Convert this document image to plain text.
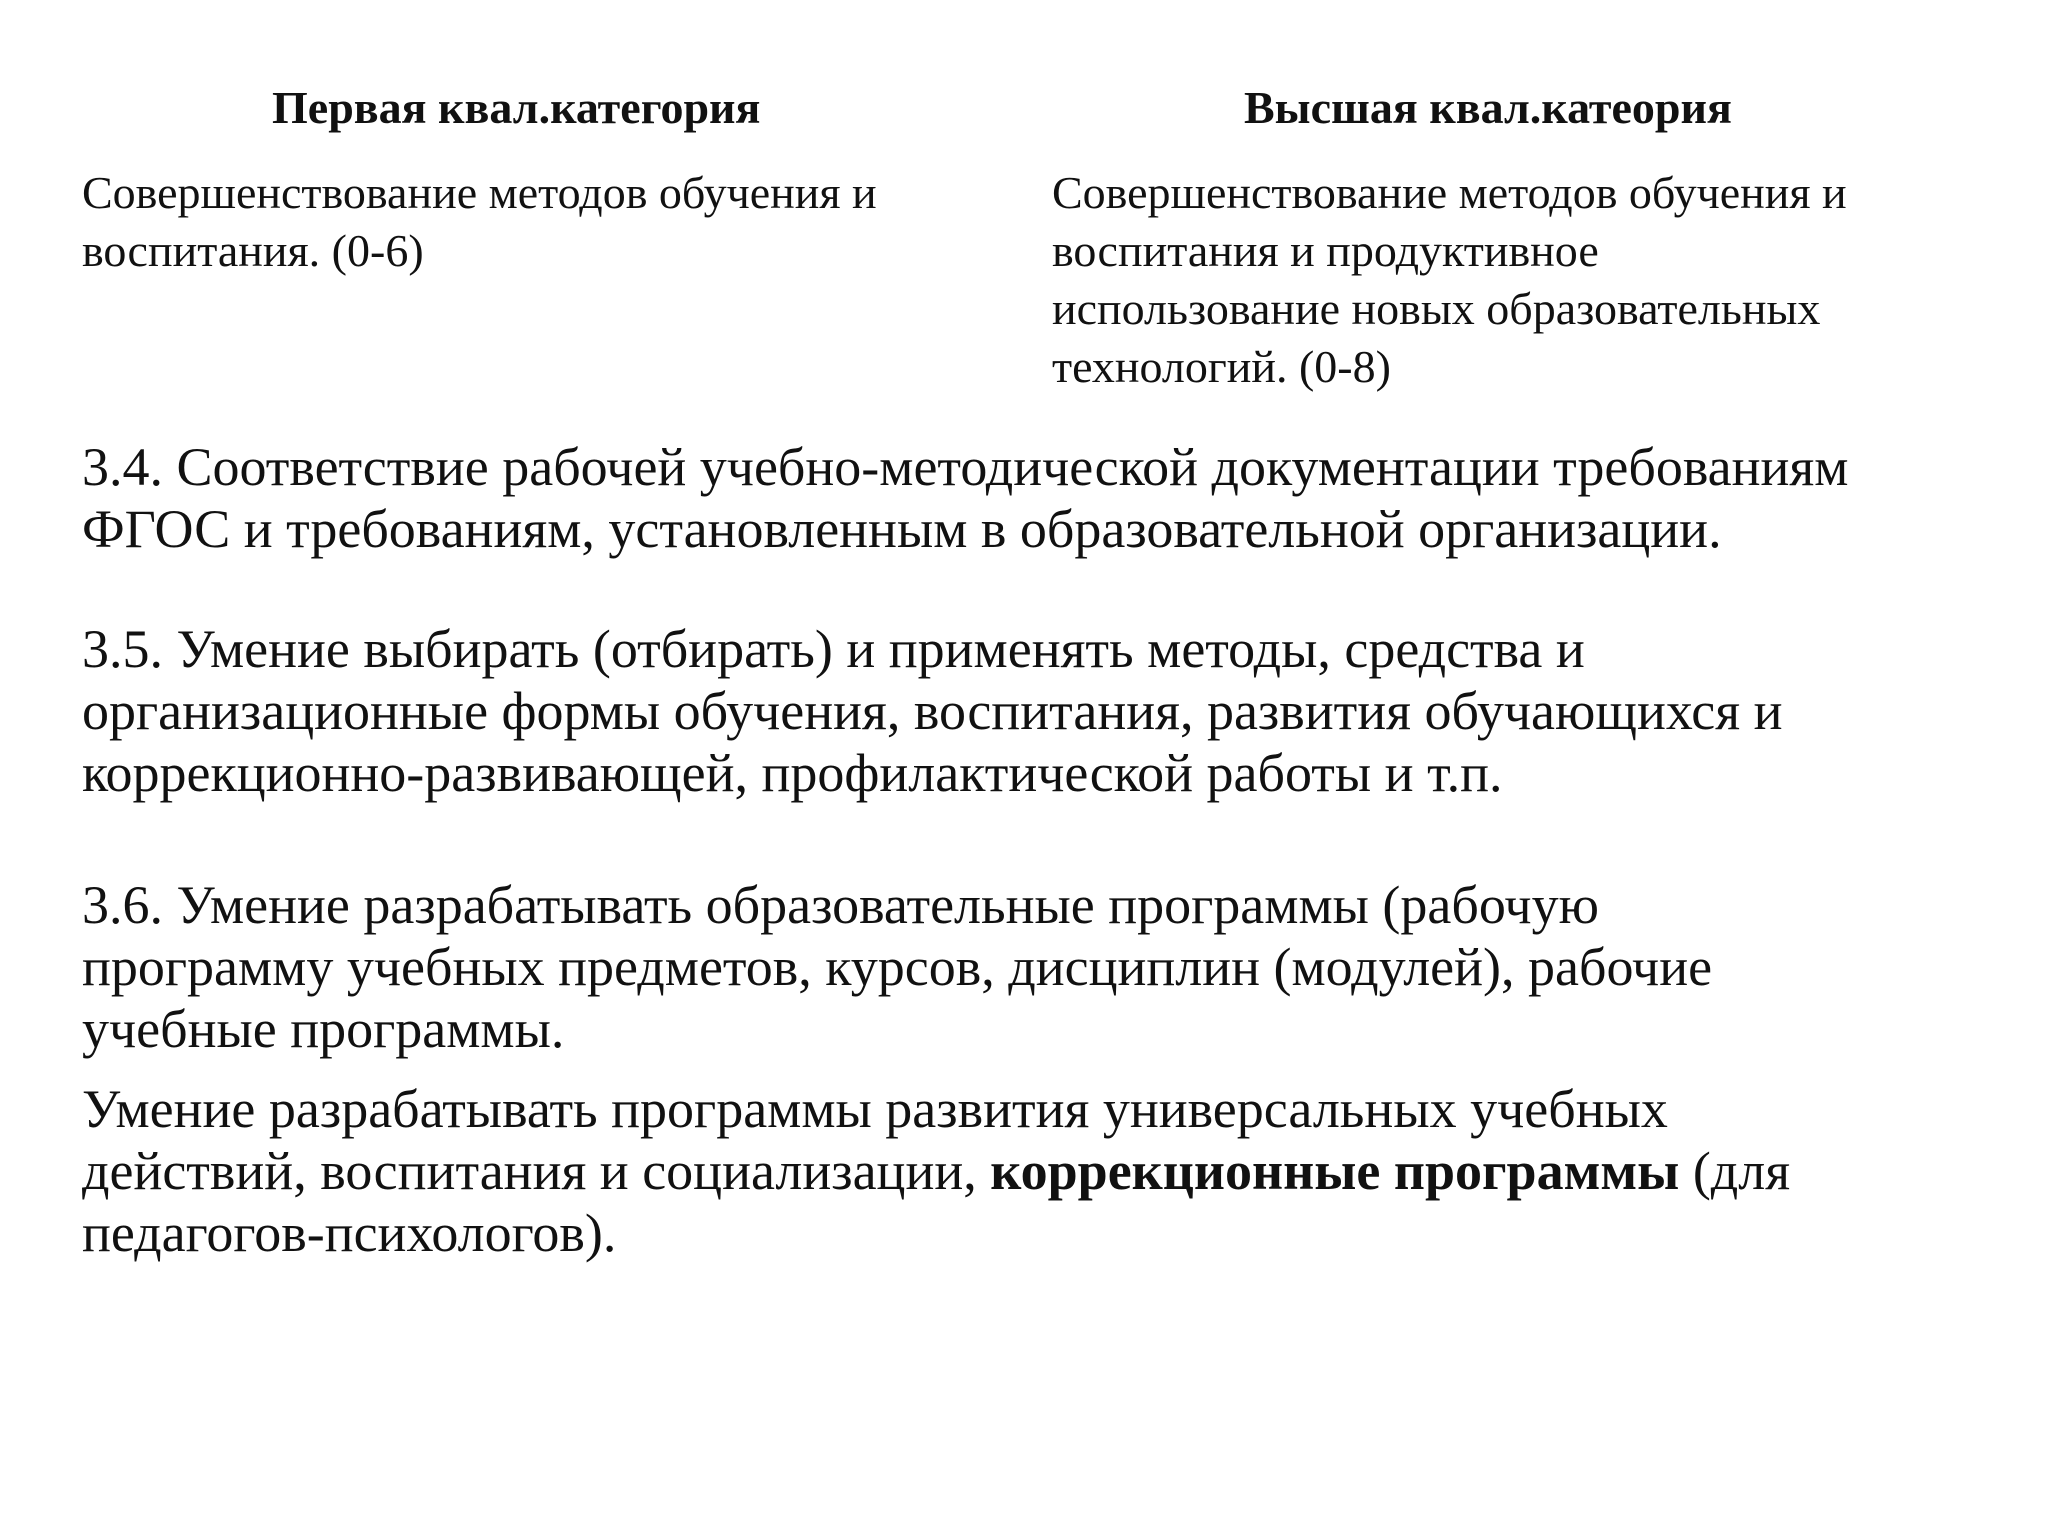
Первая квал.категория	Высшая квал.катеория
Совершенствование методов обучения и
воспитания. (0-6)
Совершенствование методов обучения и
воспитания и продуктивное
использование новых образовательных
технологий. (0-8)
3.4. Соответствие рабочей учебно-методической документации требованиям
ФГОС и требованиям, установленным в образовательной организации.
3.5. Умение выбирать (отбирать) и применять методы, средства и
организационные формы обучения, воспитания, развития обучающихся и
коррекционно-развивающей, профилактической работы и т.п.
3.6. Умение разрабатывать образовательные программы (рабочую
программу учебных предметов, курсов, дисциплин (модулей), рабочие
учебные программы.
Умение разрабатывать программы развития универсальных учебных
действий, воспитания и социализации, коррекционные программы (для
педагогов-психологов).
